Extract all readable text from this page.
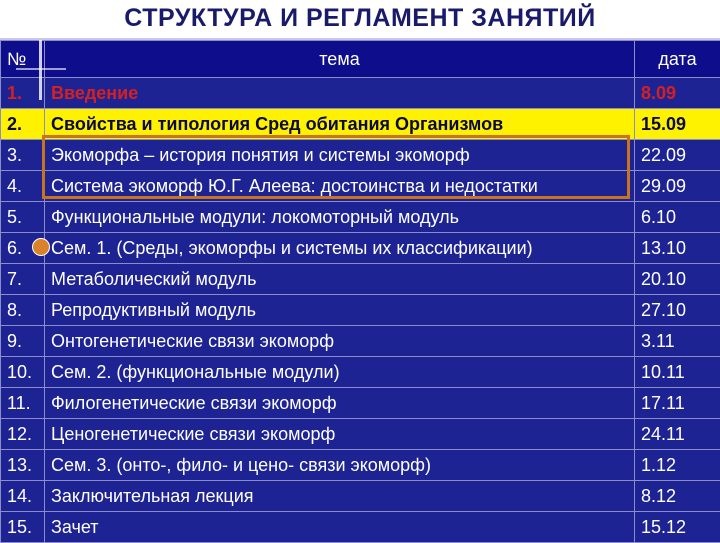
СТРУКТУРА И РЕГЛАМЕНТ ЗАНЯТИЙ
№	тема	дата
1.	Введение	8.09
2.	Свойства и типология Сред обитания Организмов	15.09
3.	Экоморфа – история понятия и системы экоморф	22.09
4.	Система экоморф Ю.Г. Алеева: достоинства и недостатки	29.09
5.	Функциональные модули: локомоторный модуль	6.10
6.	Сем. 1. (Среды, экоморфы и системы их классификации)	13.10
7.	Метаболический модуль	20.10
8.	Репродуктивный модуль	27.10
9.	Онтогенетические связи экоморф	3.11
10.	Сем. 2. (функциональные модули)	10.11
11.	Филогенетические связи экоморф	17.11
12.	Ценогенетические связи экоморф	24.11
13.	Сем. 3. (онто-, фило- и цено- связи экоморф)	1.12
14.	Заключительная лекция	8.12
15.	Зачет	15.12
